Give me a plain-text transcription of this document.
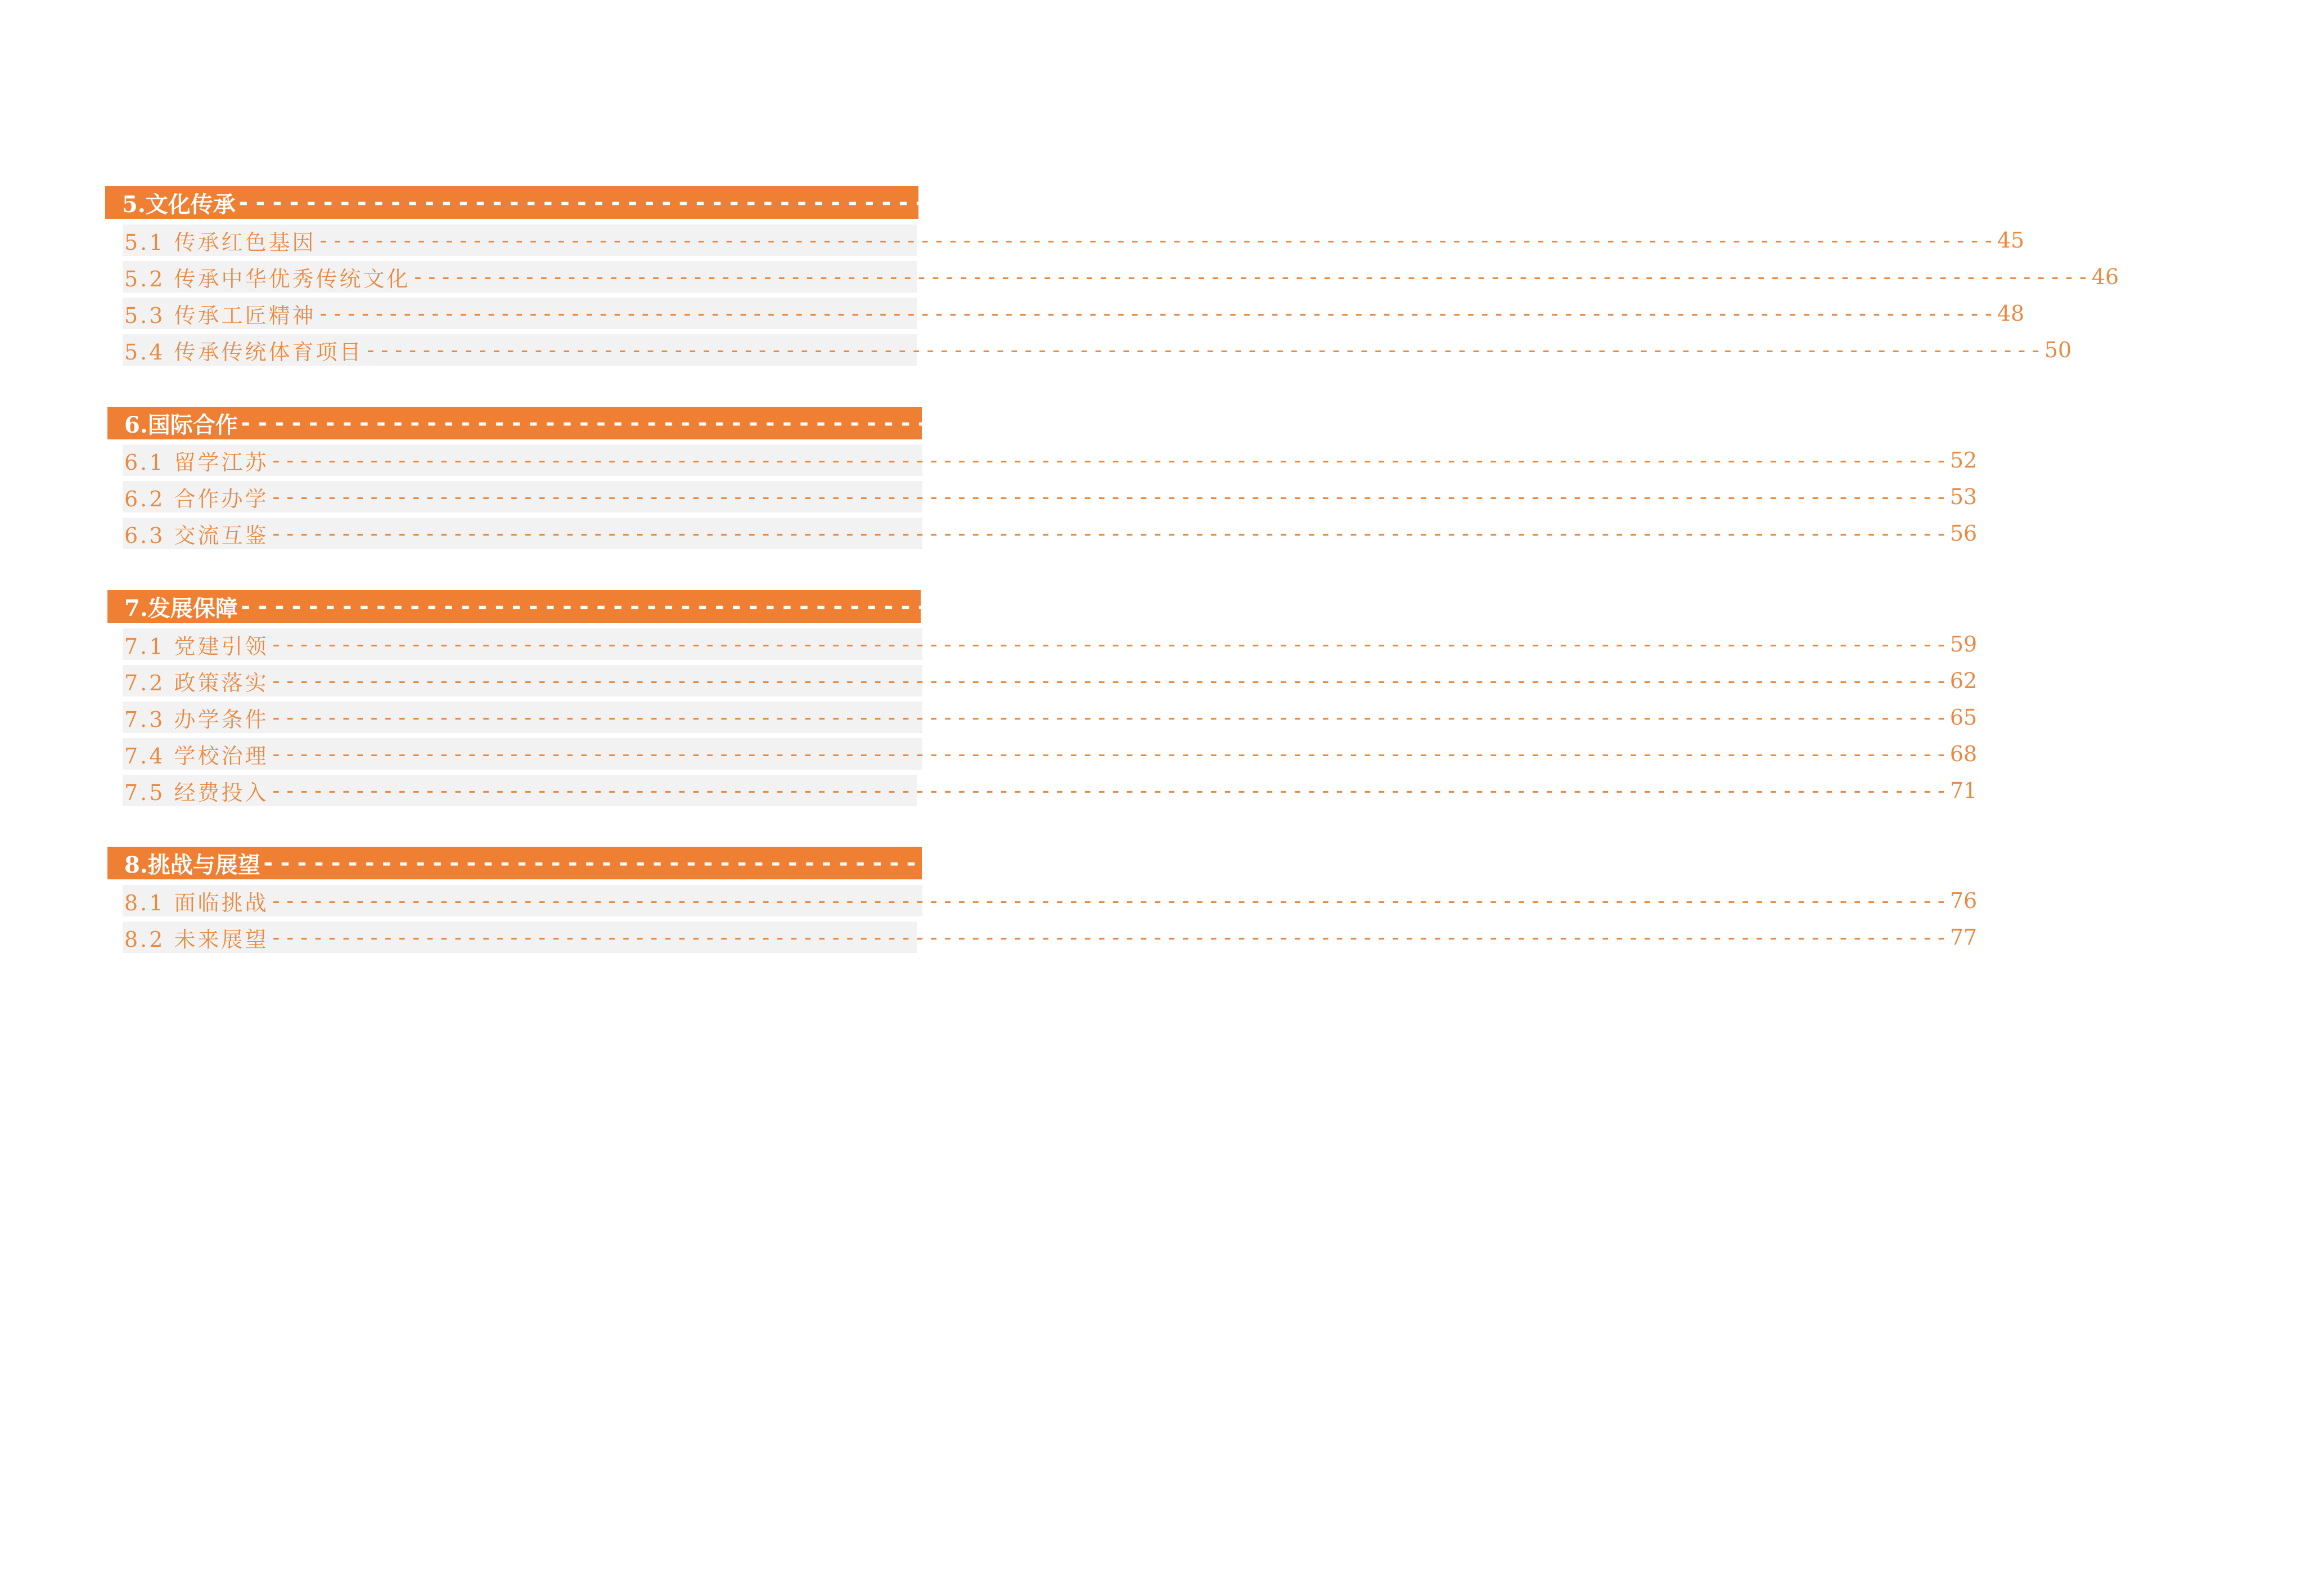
5.文化传承 ------------------------------------------------------------------------------------------------------------------------ 45
5.1 传承红色基因 ------------------------------------------------------------------------------------------------------------------------ 45
5.2 传承中华优秀传统文化 ------------------------------------------------------------------------------------------------------------------------ 46
5.3 传承工匠精神 ------------------------------------------------------------------------------------------------------------------------ 48
5.4 传承传统体育项目 ------------------------------------------------------------------------------------------------------------------------ 50
6.国际合作 ------------------------------------------------------------------------------------------------------------------------ 52
6.1 留学江苏 ------------------------------------------------------------------------------------------------------------------------ 52
6.2 合作办学 ------------------------------------------------------------------------------------------------------------------------ 53
6.3 交流互鉴 ------------------------------------------------------------------------------------------------------------------------ 56
7.发展保障 ------------------------------------------------------------------------------------------------------------------------ 59
7.1 党建引领 ------------------------------------------------------------------------------------------------------------------------ 59
7.2 政策落实 ------------------------------------------------------------------------------------------------------------------------ 62
7.3 办学条件 ------------------------------------------------------------------------------------------------------------------------ 65
7.4 学校治理 ------------------------------------------------------------------------------------------------------------------------ 68
7.5 经费投入 ------------------------------------------------------------------------------------------------------------------------ 71
8.挑战与展望 ------------------------------------------------------------------------------------------------------------------------ 76
8.1 面临挑战 ------------------------------------------------------------------------------------------------------------------------ 76
8.2 未来展望 ------------------------------------------------------------------------------------------------------------------------ 77
